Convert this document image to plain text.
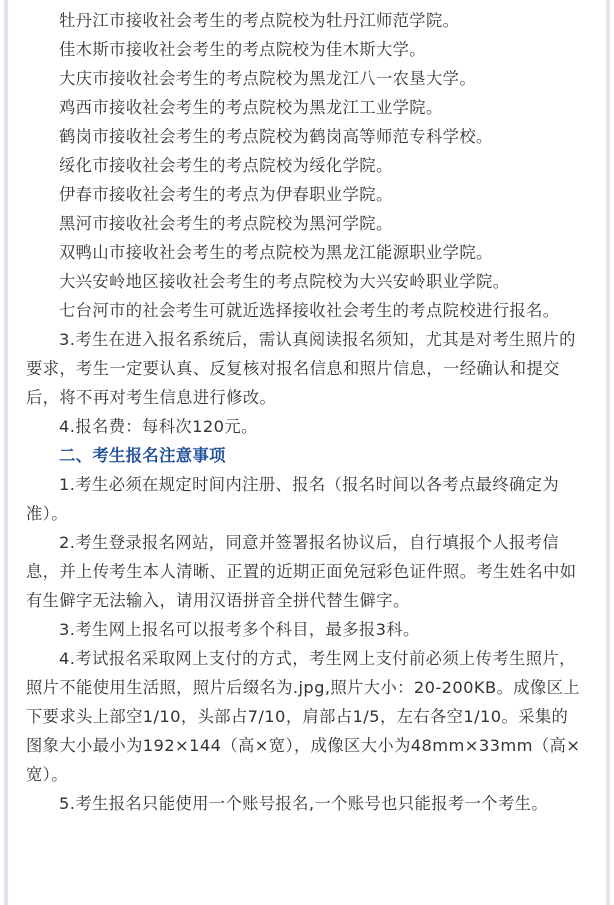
牡丹江市接收社会考生的考点院校为牡丹江师范学院。

佳木斯市接收社会考生的考点院校为佳木斯大学。

大庆市接收社会考生的考点院校为黑龙江八一农垦大学。

鸡西市接收社会考生的考点院校为黑龙江工业学院。

鹤岗市接收社会考生的考点院校为鹤岗高等师范专科学校。

绥化市接收社会考生的考点院校为绥化学院。

伊春市接收社会考生的考点为伊春职业学院。

黑河市接收社会考生的考点院校为黑河学院。

双鸭山市接收社会考生的考点院校为黑龙江能源职业学院。

大兴安岭地区接收社会考生的考点院校为大兴安岭职业学院。

七台河市的社会考生可就近选择接收社会考生的考点院校进行报名。

3.考生在进入报名系统后，需认真阅读报名须知，尤其是对考生照片的要求，考生一定要认真、反复核对报名信息和照片信息，一经确认和提交后，将不再对考生信息进行修改。

4.报名费：每科次120元。

二、考生报名注意事项

1.考生必须在规定时间内注册、报名（报名时间以各考点最终确定为准）。

2.考生登录报名网站，同意并签署报名协议后，自行填报个人报考信息，并上传考生本人清晰、正置的近期正面免冠彩色证件照。考生姓名中如有生僻字无法输入，请用汉语拼音全拼代替生僻字。

3.考生网上报名可以报考多个科目，最多报3科。

4.考试报名采取网上支付的方式，考生网上支付前必须上传考生照片，照片不能使用生活照，照片后缀名为.jpg,照片大小：20-200KB。成像区上下要求头上部空1/10，头部占7/10，肩部占1/5，左右各空1/10。采集的图象大小最小为192×144（高×宽），成像区大小为48mm×33mm（高×宽）。

5.考生报名只能使用一个账号报名,一个账号也只能报考一个考生。
